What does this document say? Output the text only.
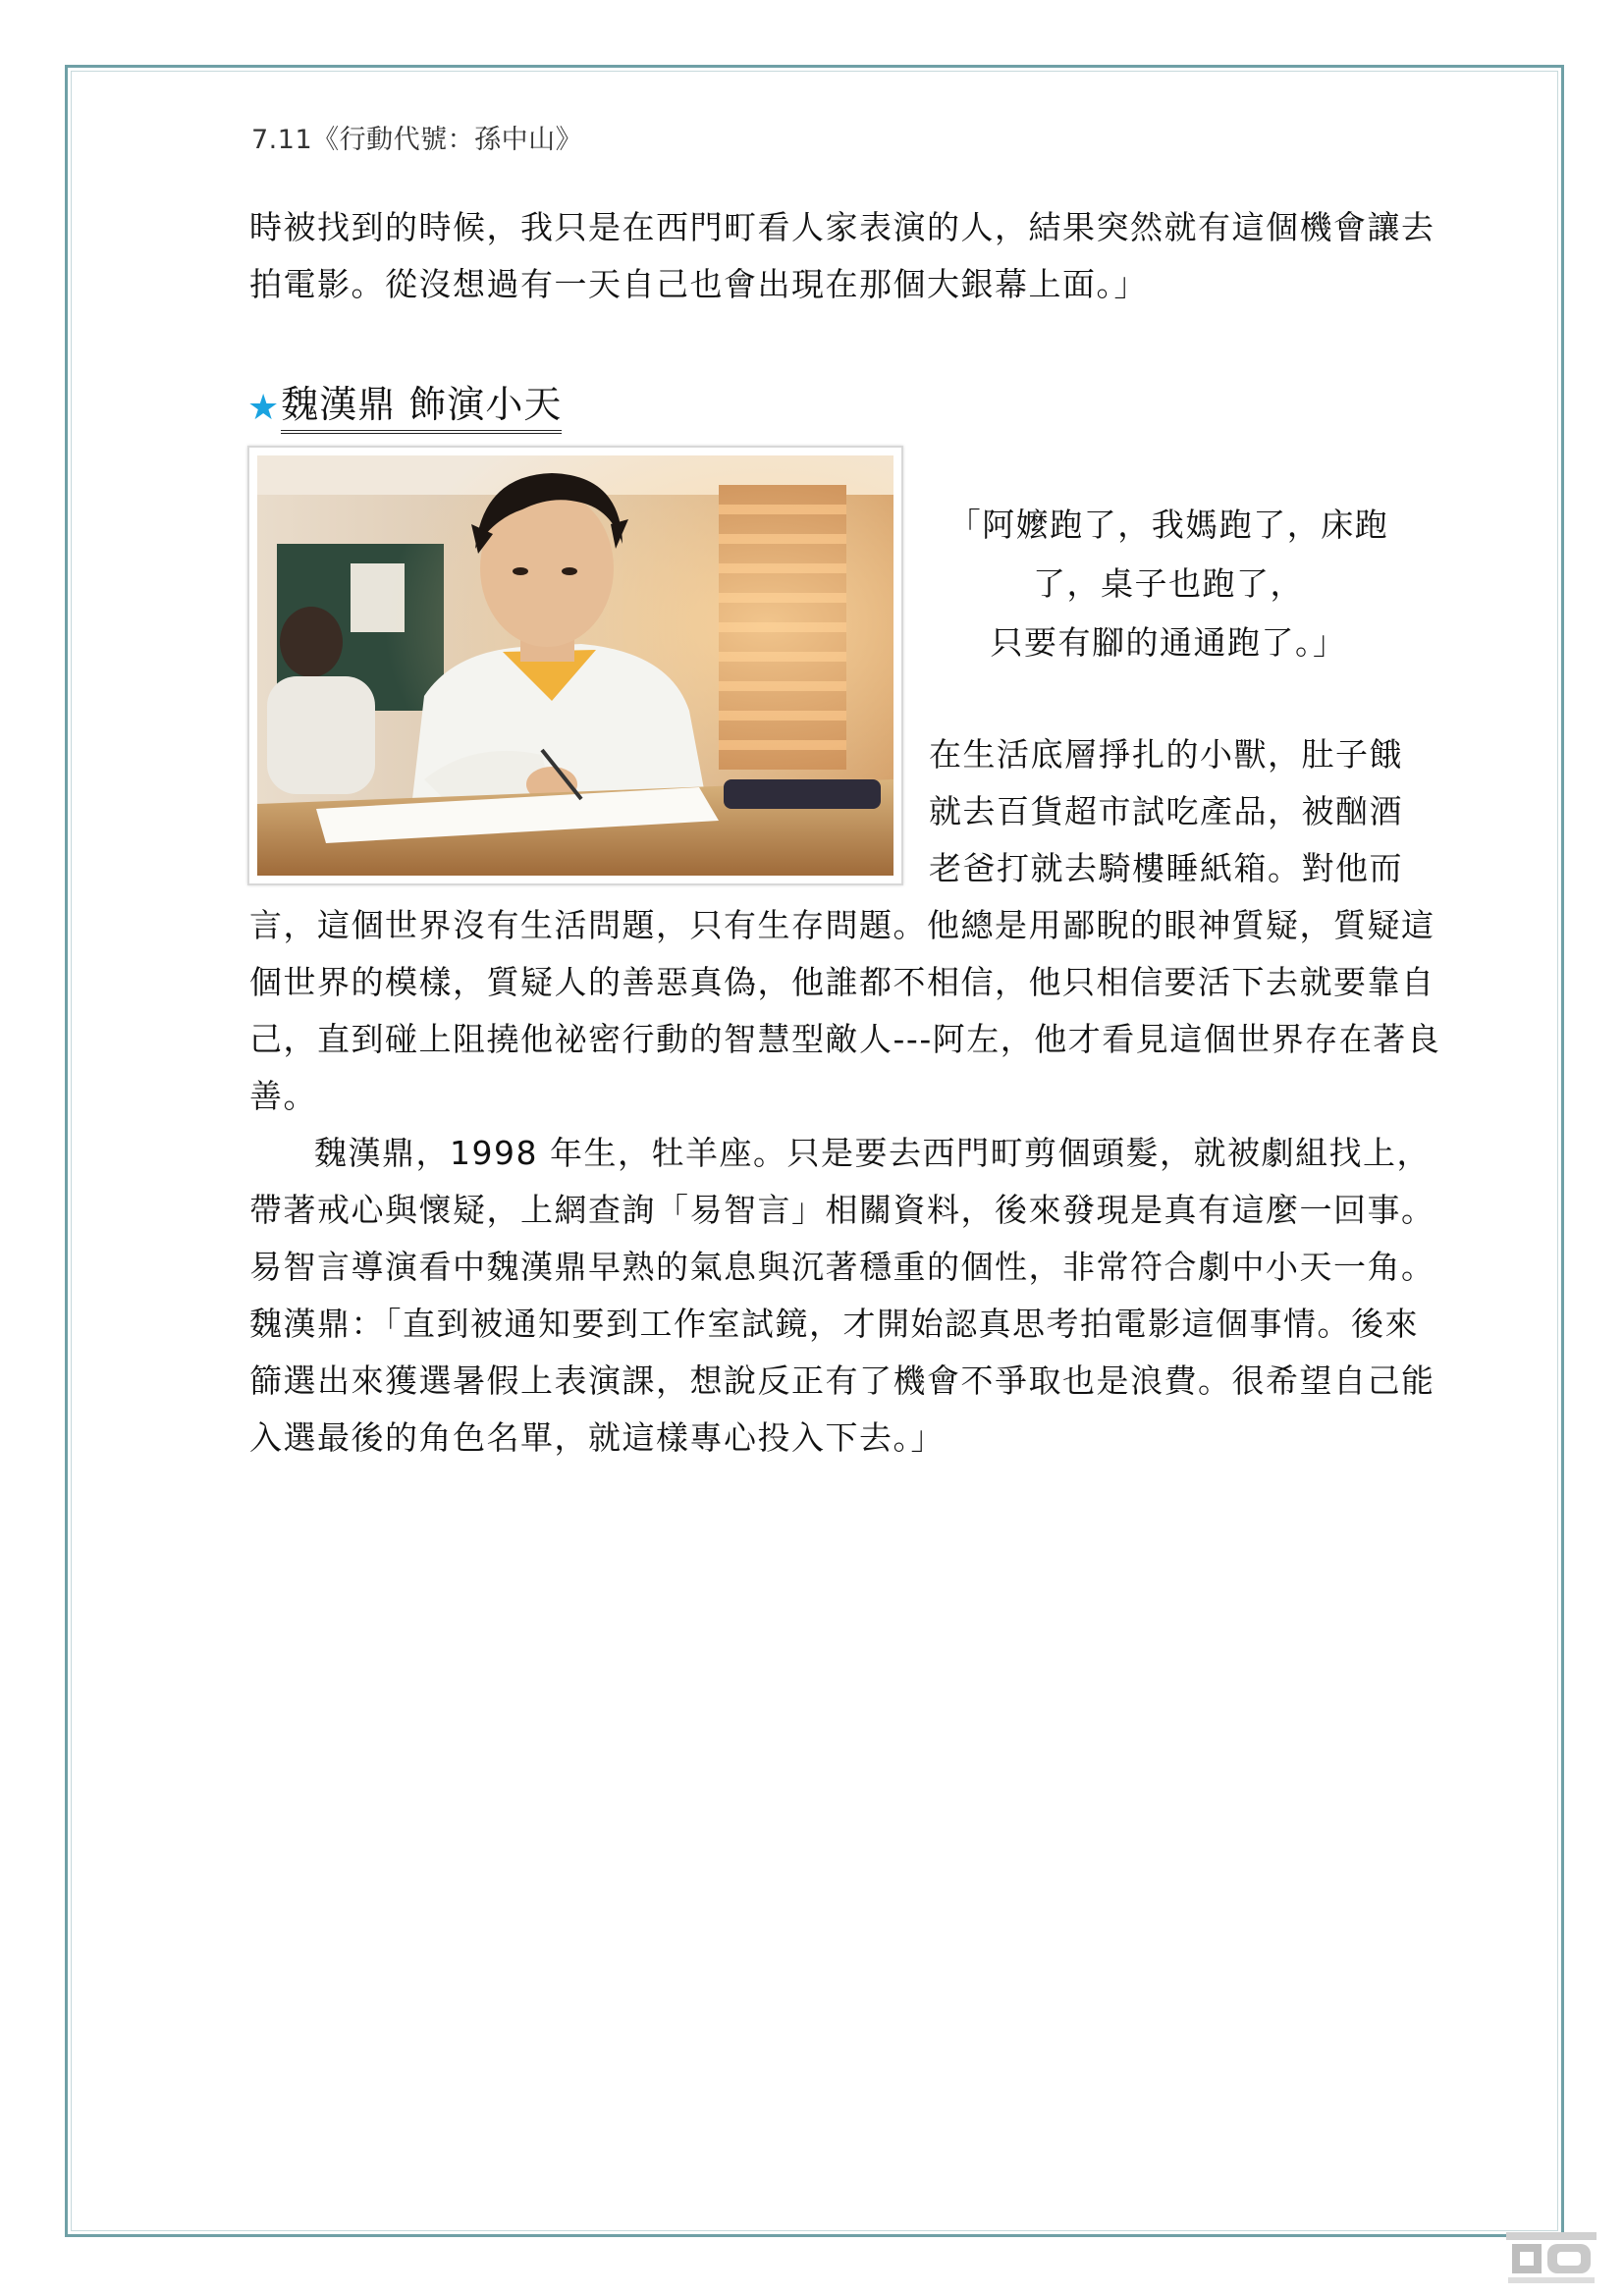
7.11《行動代號：孫中山》
時被找到的時候，我只是在西門町看人家表演的人，結果突然就有這個機會讓去
拍電影。從沒想過有一天自己也會出現在那個大銀幕上面。」
★魏漢鼎 飾演小天
「阿嬤跑了，我媽跑了，床跑
了，桌子也跑了，
只要有腳的通通跑了。」
在生活底層掙扎的小獸，肚子餓
就去百貨超市試吃產品，被酗酒
老爸打就去騎樓睡紙箱。對他而
言，這個世界沒有生活問題，只有生存問題。他總是用鄙睨的眼神質疑，質疑這
個世界的模樣，質疑人的善惡真偽，他誰都不相信，他只相信要活下去就要靠自
己，直到碰上阻撓他祕密行動的智慧型敵人---阿左，他才看見這個世界存在著良
善。
魏漢鼎，1998 年生，牡羊座。只是要去西門町剪個頭髮，就被劇組找上，
帶著戒心與懷疑，上網查詢「易智言」相關資料，後來發現是真有這麼一回事。
易智言導演看中魏漢鼎早熟的氣息與沉著穩重的個性，非常符合劇中小天一角。
魏漢鼎：「直到被通知要到工作室試鏡，才開始認真思考拍電影這個事情。後來
篩選出來獲選暑假上表演課，想說反正有了機會不爭取也是浪費。很希望自己能
入選最後的角色名單，就這樣專心投入下去。」
